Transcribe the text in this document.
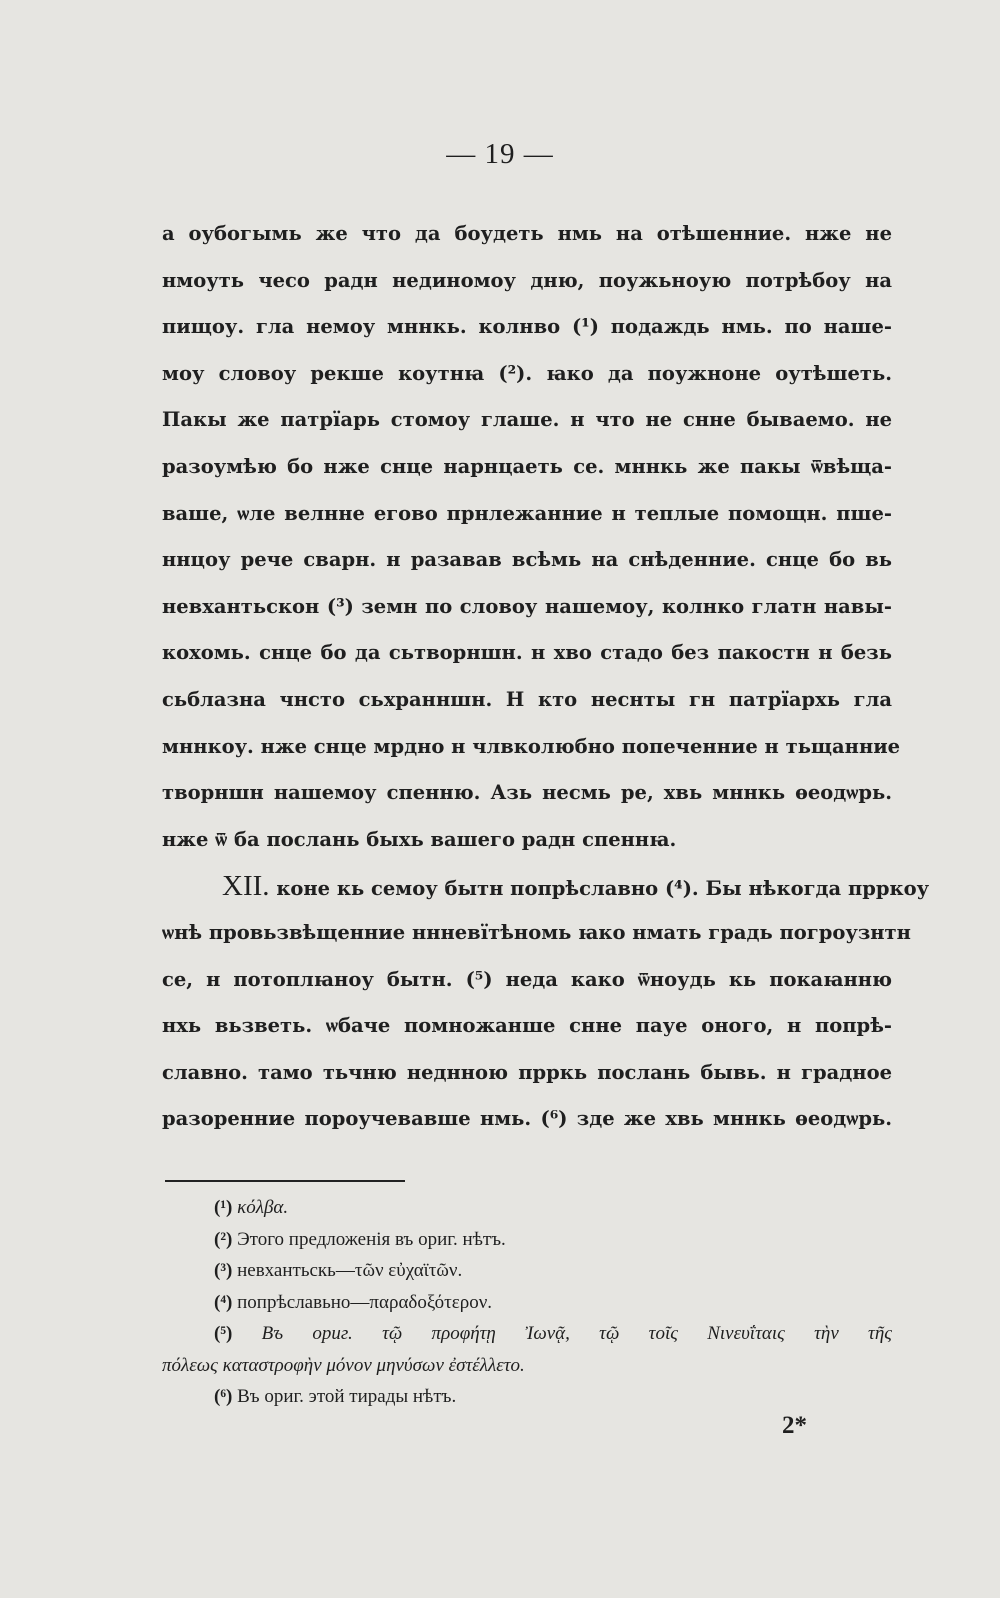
— 19 —
а оубогымь же что да боудеть нмь на отѣшенние. нже не
нмоуть чесо радн нединомоу дню, поужьноую потрѣбоу на
пищоу. гла немоу мннкь. колнво (¹) подаждь нмь. по нашe-
моу словоу рекше коутнꙗ (²). ꙗко да поужноне оутѣшеть.
Пакы же патрїарь стомоу глаше. н что не снне бываемо. не
разоумѣю бо нже снце нарнцаеть се. мннкь же пакы ѿвѣща-
ваше, ѡле велнне егово прнлежанние н теплые помощн. пше-
ннцоу рече сварн. н разавав всѣмь на снѣденние. снце бо вь
невхантьскон (³) земн по словоу нашемоу, колнко глатн навы-
кохомь. снце бо да сьтворншн. н хво стадо без пакостн н безь
сьблазна чнсто сьхранншн. Н кто неснты гн патрїархь гла
мннкоу. нже снце мрдно н члвколюбно попеченние н тьщанние
творншн нашемоу спенню. Азь несмь ре, хвь мннкь ѳеодѡрь.
нже ѿ ба послань быхь вашего радн спеннꙗ.
XII. коне кь семоу бытн попрѣславно (⁴). Бы нѣкогда прркоу
ѡнѣ провьзвѣщенние ннневїтѣномь ꙗко нмать градь погроузнтн
се, н потоплꙗноу бытн. (⁵) неда како ѿноудь кь покаꙗнню
нхь вьзветь. ѡбаче помножанше снне пауе оного, н попрѣ-
славно. тамо тьчню неднною прркь послань бывь. н градное
разоренние пороучевавше нмь. (⁶) зде же хвь мннкь ѳеодѡрь.
(¹) κόλβα.
(²) Этого предложенія въ ориг. нѣтъ.
(³) невхантьскь—τῶν εὐχαϊτῶν.
(⁴) попрѣславьно—παραδοξότερον.
(⁵) Въ ориг. τῷ προφήτῃ Ἰωνᾷ, τῷ τοῖς Νινευΐταις τὴν τῆς
πόλεως καταστροφὴν μόνον μηνύσων ἐστέλλετο.
(⁶) Въ ориг. этой тирады нѣтъ.
2*
